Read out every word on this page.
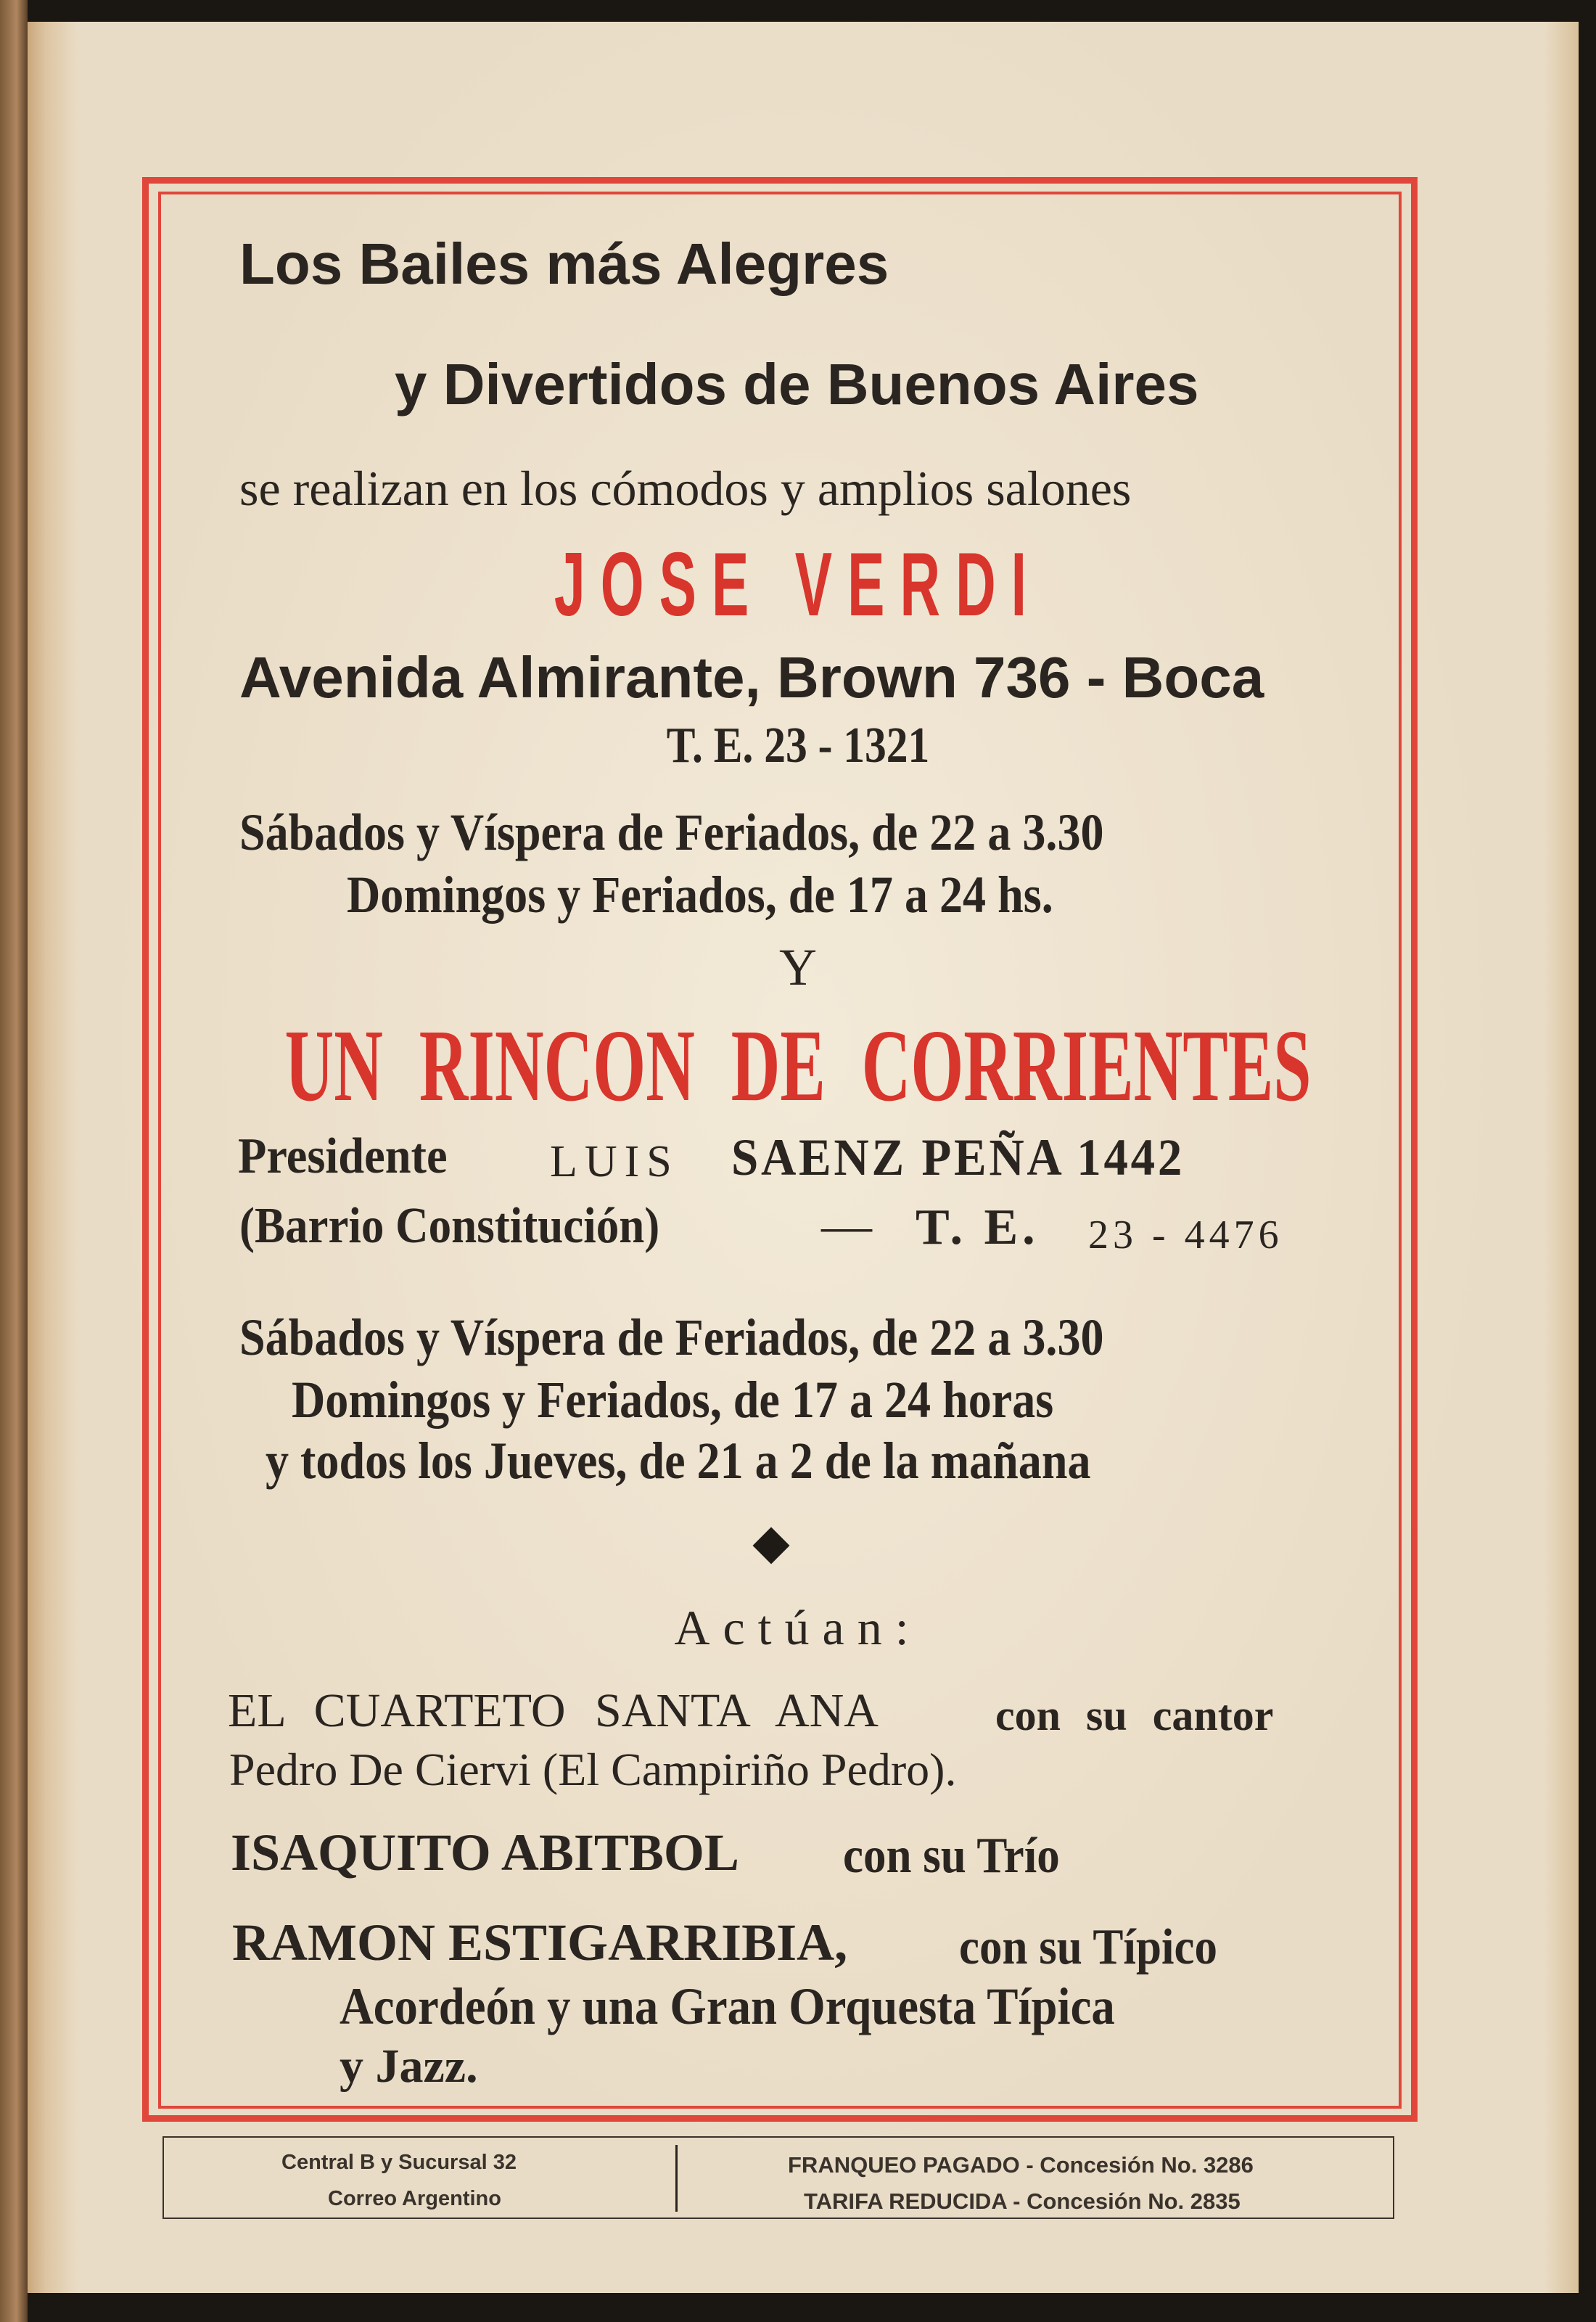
Los Bailes más Alegres
y Divertidos de Buenos Aires
se realizan en los cómodos y amplios salones
JOSE VERDI
Avenida Almirante, Brown 736 - Boca
T. E. 23 - 1321
Sábados y Víspera de Feriados, de 22 a 3.30
Domingos y Feriados, de 17 a 24 hs.
Y
UN RINCON DE CORRIENTES
Presidente LUIS SAENZ PEÑA 1442
(Barrio Constitución)	— T. E. 23 - 4476
Sábados y Víspera de Feriados, de 22 a 3.30
Domingos y Feriados, de 17 a 24 horas
y todos los Jueves, de 21 a 2 de la mañana
Actúan:
EL CUARTETO SANTA ANA	con su cantor
Pedro De Ciervi (El Campiriño Pedro).
ISAQUITO ABITBOL con su Trío
RAMON ESTIGARRIBIA, con su Típico
Acordeón y una Gran Orquesta Típica
y Jazz.
Central B y Sucursal 32
Correo Argentino
FRANQUEO PAGADO - Concesión No. 3286
TARIFA REDUCIDA - Concesión No. 2835
